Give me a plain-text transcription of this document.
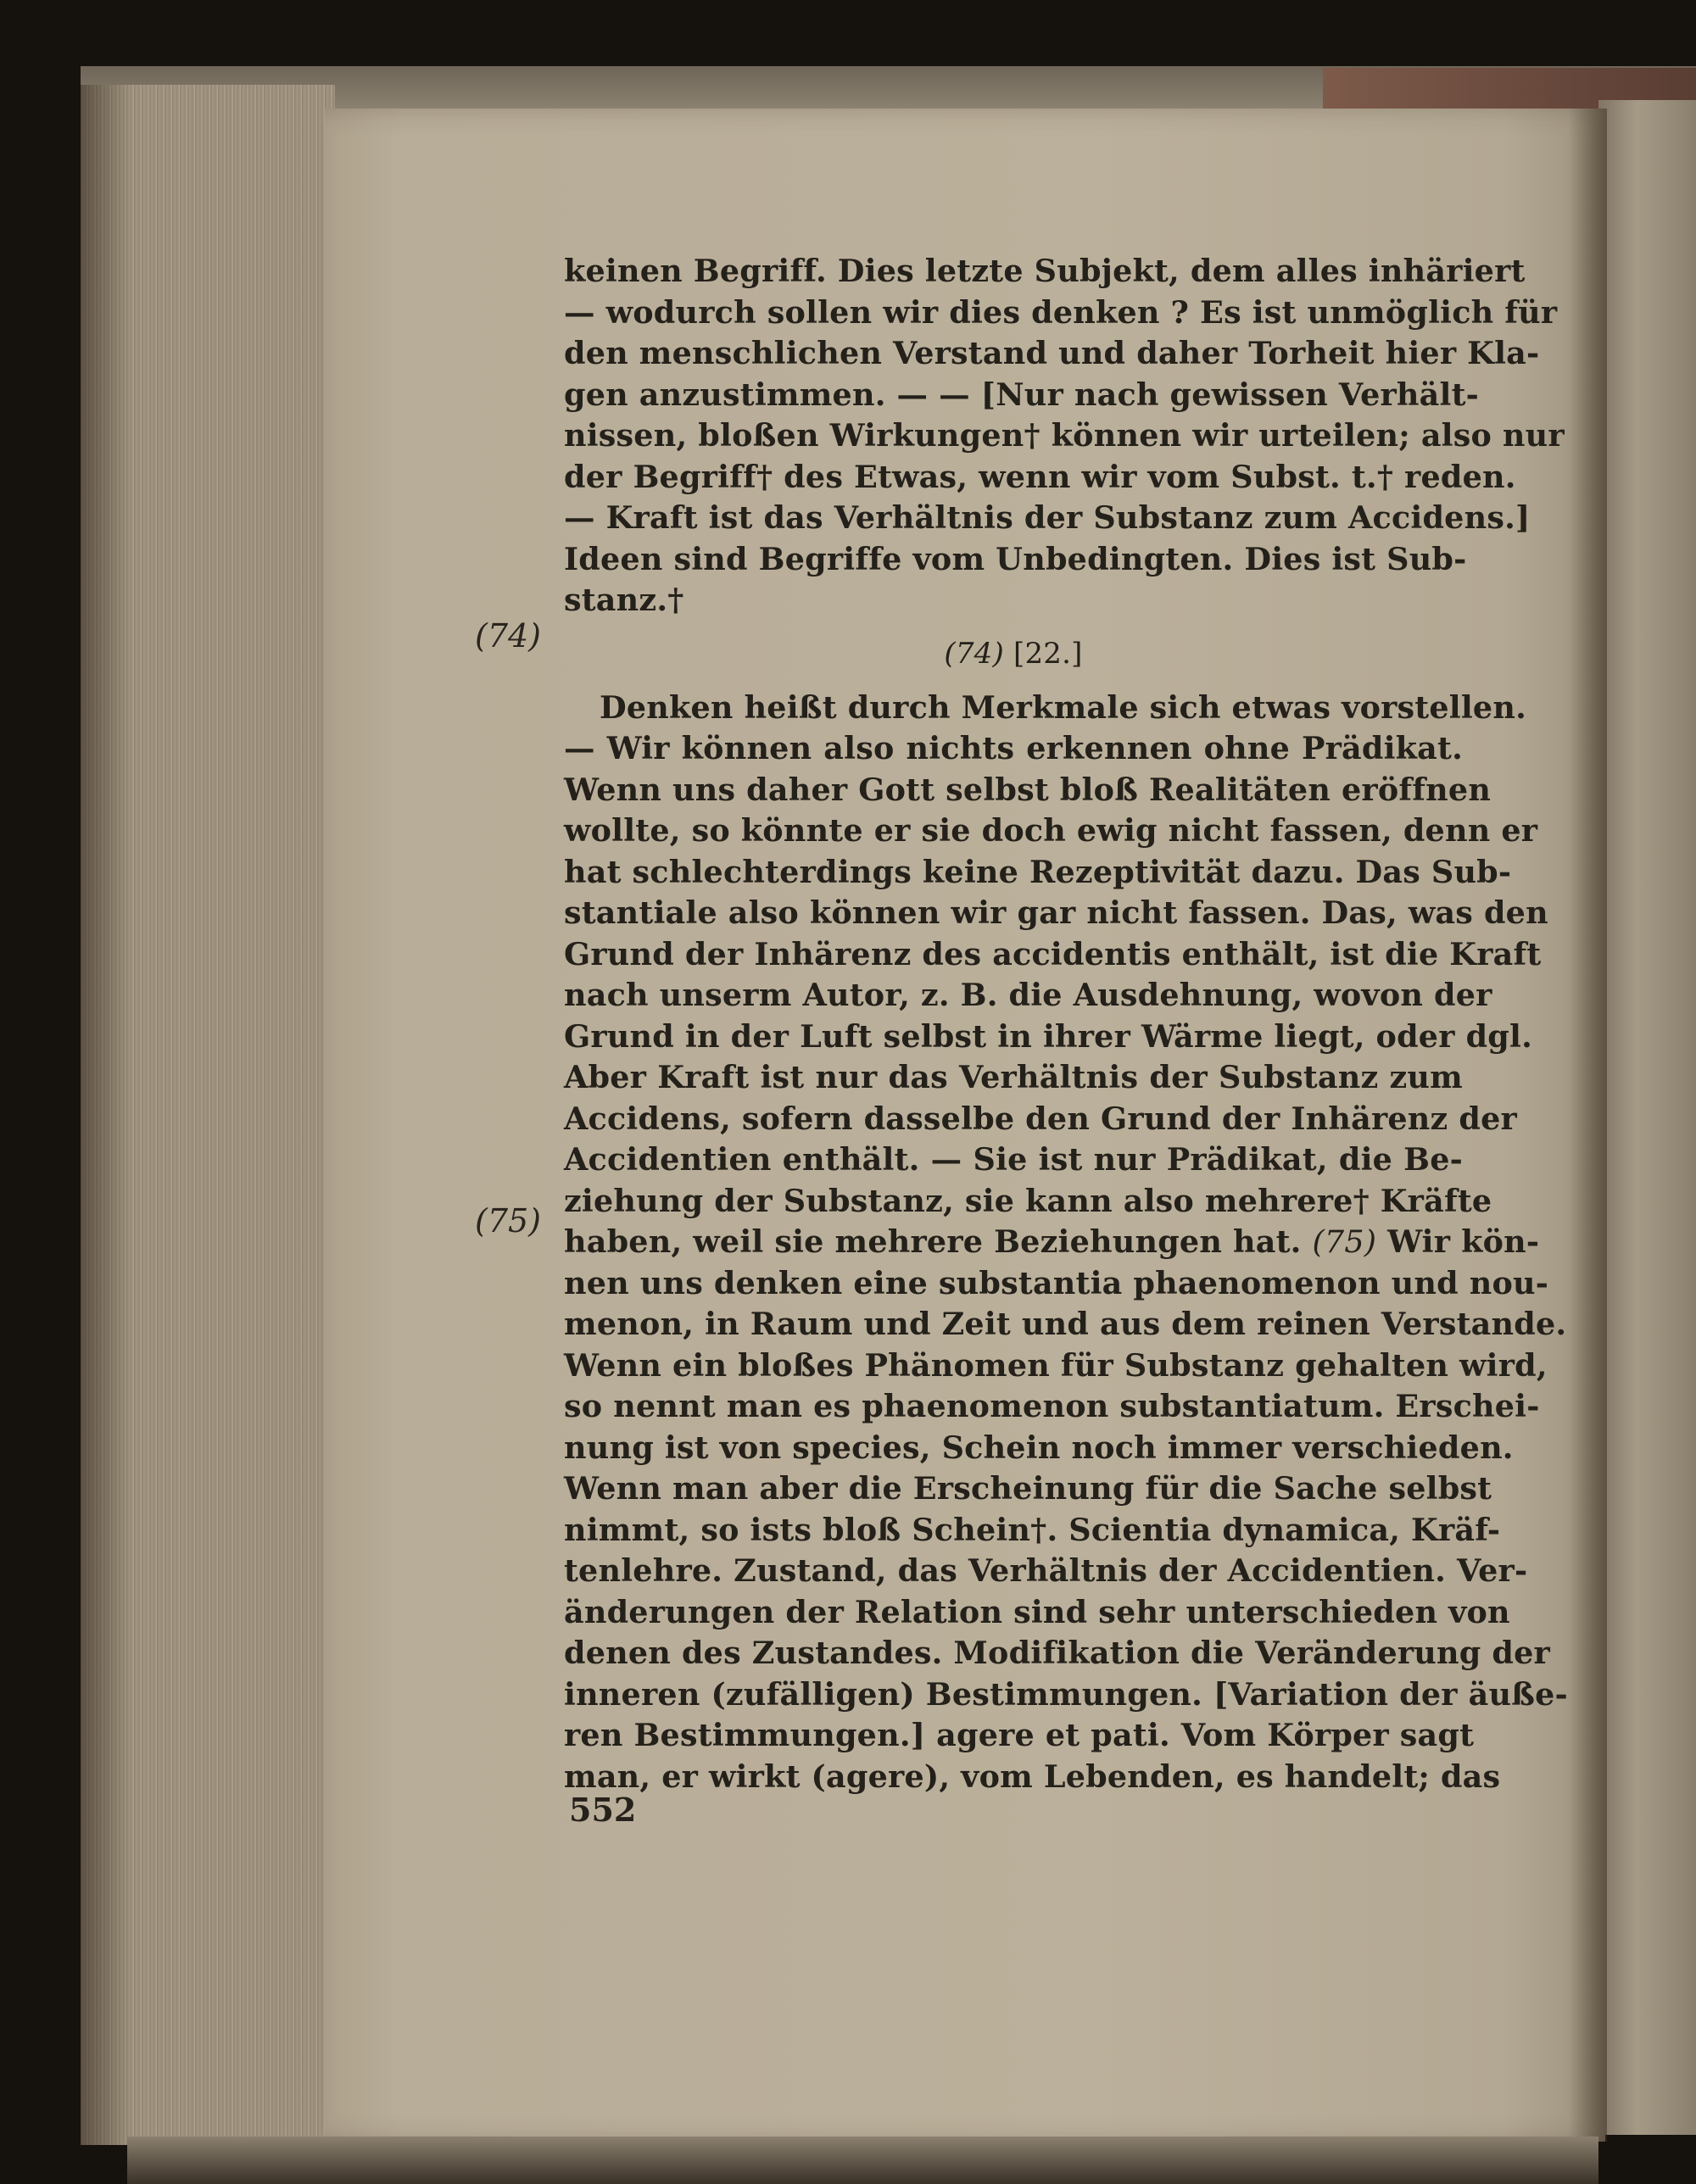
(74)
(75)
keinen Begriff. Dies letzte Subjekt, dem alles inhäriert
— wodurch sollen wir dies denken ? Es ist unmöglich für
den menschlichen Verstand und daher Torheit hier Kla-
gen anzustimmen. — — [Nur nach gewissen Verhält-
nissen, bloßen Wirkungen† können wir urteilen; also nur
der Begriff† des Etwas, wenn wir vom Subst. t.† reden.
— Kraft ist das Verhältnis der Substanz zum Accidens.]
Ideen sind Begriffe vom Unbedingten. Dies ist Sub-
stanz.†
(74) [22.]
Denken heißt durch Merkmale sich etwas vorstellen.
— Wir können also nichts erkennen ohne Prädikat.
Wenn uns daher Gott selbst bloß Realitäten eröffnen
wollte, so könnte er sie doch ewig nicht fassen, denn er
hat schlechterdings keine Rezeptivität dazu. Das Sub-
stantiale also können wir gar nicht fassen. Das, was den
Grund der Inhärenz des accidentis enthält, ist die Kraft
nach unserm Autor, z. B. die Ausdehnung, wovon der
Grund in der Luft selbst in ihrer Wärme liegt, oder dgl.
Aber Kraft ist nur das Verhältnis der Substanz zum
Accidens, sofern dasselbe den Grund der Inhärenz der
Accidentien enthält. — Sie ist nur Prädikat, die Be-
ziehung der Substanz, sie kann also mehrere† Kräfte
haben, weil sie mehrere Beziehungen hat. (75) Wir kön-
nen uns denken eine substantia phaenomenon und nou-
menon, in Raum und Zeit und aus dem reinen Verstande.
Wenn ein bloßes Phänomen für Substanz gehalten wird,
so nennt man es phaenomenon substantiatum. Erschei-
nung ist von species, Schein noch immer verschieden.
Wenn man aber die Erscheinung für die Sache selbst
nimmt, so ists bloß Schein†. Scientia dynamica, Kräf-
tenlehre. Zustand, das Verhältnis der Accidentien. Ver-
änderungen der Relation sind sehr unterschieden von
denen des Zustandes. Modifikation die Veränderung der
inneren (zufälligen) Bestimmungen. [Variation der äuße-
ren Bestimmungen.] agere et pati. Vom Körper sagt
man, er wirkt (agere), vom Lebenden, es handelt; das
552
